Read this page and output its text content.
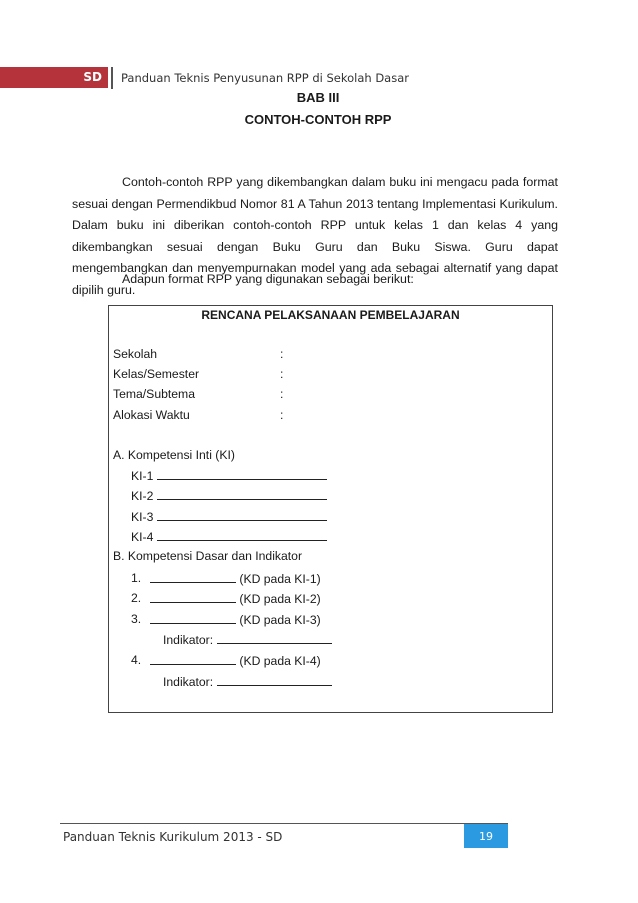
SD	Panduan Teknis Penyusunan RPP di Sekolah Dasar
BAB III
CONTOH-CONTOH RPP
Contoh-contoh RPP yang dikembangkan dalam buku ini mengacu pada format sesuai dengan Permendikbud Nomor 81 A Tahun 2013 tentang Implementasi Kurikulum. Dalam buku ini diberikan contoh-contoh RPP untuk kelas 1 dan kelas 4 yang dikembangkan sesuai dengan Buku Guru dan Buku Siswa. Guru dapat mengembangkan dan menyempurnakan model yang ada sebagai alternatif yang dapat dipilih guru.
Adapun format RPP yang digunakan sebagai berikut:
RENCANA PELAKSANAAN PEMBELAJARAN
Sekolah	:
Kelas/Semester	:
Tema/Subtema	:
Alokasi Waktu	:
A. Kompetensi Inti (KI)
KI-1
KI-2
KI-3
KI-4
B. Kompetensi Dasar dan Indikator
1.	(KD pada KI-1)
2.	(KD pada KI-2)
3.	(KD pada KI-3)
Indikator:
4.	(KD pada KI-4)
Indikator:
Panduan Teknis Kurikulum 2013 - SD	19
